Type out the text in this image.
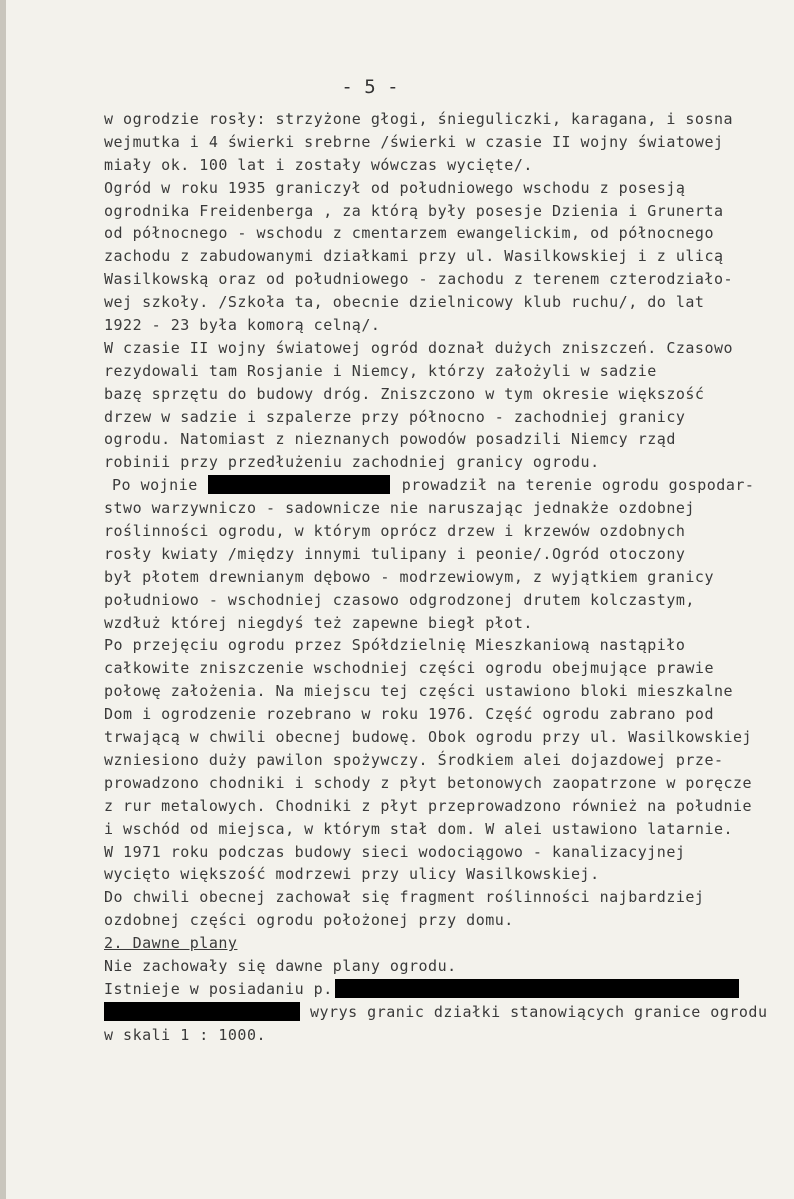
- 5 -
w ogrodzie rosły: strzyżone głogi, śnieguliczki, karagana, i sosna
wejmutka i 4 świerki srebrne /świerki w czasie II wojny światowej
miały ok. 100 lat i zostały wówczas wycięte/.
Ogród w roku 1935 graniczył od południowego wschodu z posesją
ogrodnika Freidenberga , za którą były posesje Dzienia i Grunerta
od północnego - wschodu z cmentarzem ewangelickim, od północnego
zachodu z zabudowanymi działkami przy ul. Wasilkowskiej i z ulicą
Wasilkowską oraz od południowego - zachodu z terenem czterodziało-
wej szkoły. /Szkoła ta, obecnie dzielnicowy klub ruchu/, do lat
1922 - 23 była komorą celną/.
W czasie II wojny światowej ogród doznał dużych zniszczeń. Czasowo
rezydowali tam Rosjanie i Niemcy, którzy założyli w sadzie
bazę sprzętu do budowy dróg. Zniszczono w tym okresie większość
drzew w sadzie i szpalerze przy północno - zachodniej granicy
ogrodu. Natomiast z nieznanych powodów posadzili Niemcy rząd
robinii przy przedłużeniu zachodniej granicy ogrodu.
Po wojnie	prowadził na terenie ogrodu gospodar-
stwo warzywniczo - sadownicze nie naruszając jednakże ozdobnej
roślinności ogrodu, w którym oprócz drzew i krzewów ozdobnych
rosły kwiaty /między innymi tulipany i peonie/.Ogród otoczony
był płotem drewnianym dębowo - modrzewiowym, z wyjątkiem granicy
południowo - wschodniej czasowo odgrodzonej drutem kolczastym,
wzdłuż której niegdyś też zapewne biegł płot.
Po przejęciu ogrodu przez Spółdzielnię Mieszkaniową nastąpiło
całkowite zniszczenie wschodniej części ogrodu obejmujące prawie
połowę założenia. Na miejscu tej części ustawiono bloki mieszkalne
Dom i ogrodzenie rozebrano w roku 1976. Część ogrodu zabrano pod
trwającą w chwili obecnej budowę. Obok ogrodu przy ul. Wasilkowskiej
wzniesiono duży pawilon spożywczy. Środkiem alei dojazdowej prze-
prowadzono chodniki i schody z płyt betonowych zaopatrzone w poręcze
z rur metalowych. Chodniki z płyt przeprowadzono również na południe
i wschód od miejsca, w którym stał dom. W alei ustawiono latarnie.
W 1971 roku podczas budowy sieci wodociągowo - kanalizacyjnej
wycięto większość modrzewi przy ulicy Wasilkowskiej.
Do chwili obecnej zachował się fragment roślinności najbardziej
ozdobnej części ogrodu położonej przy domu.
2. Dawne plany
Nie zachowały się dawne plany ogrodu.
Istnieje w posiadaniu p.
wyrys granic działki stanowiących granice ogrodu
w skali 1 : 1000.
